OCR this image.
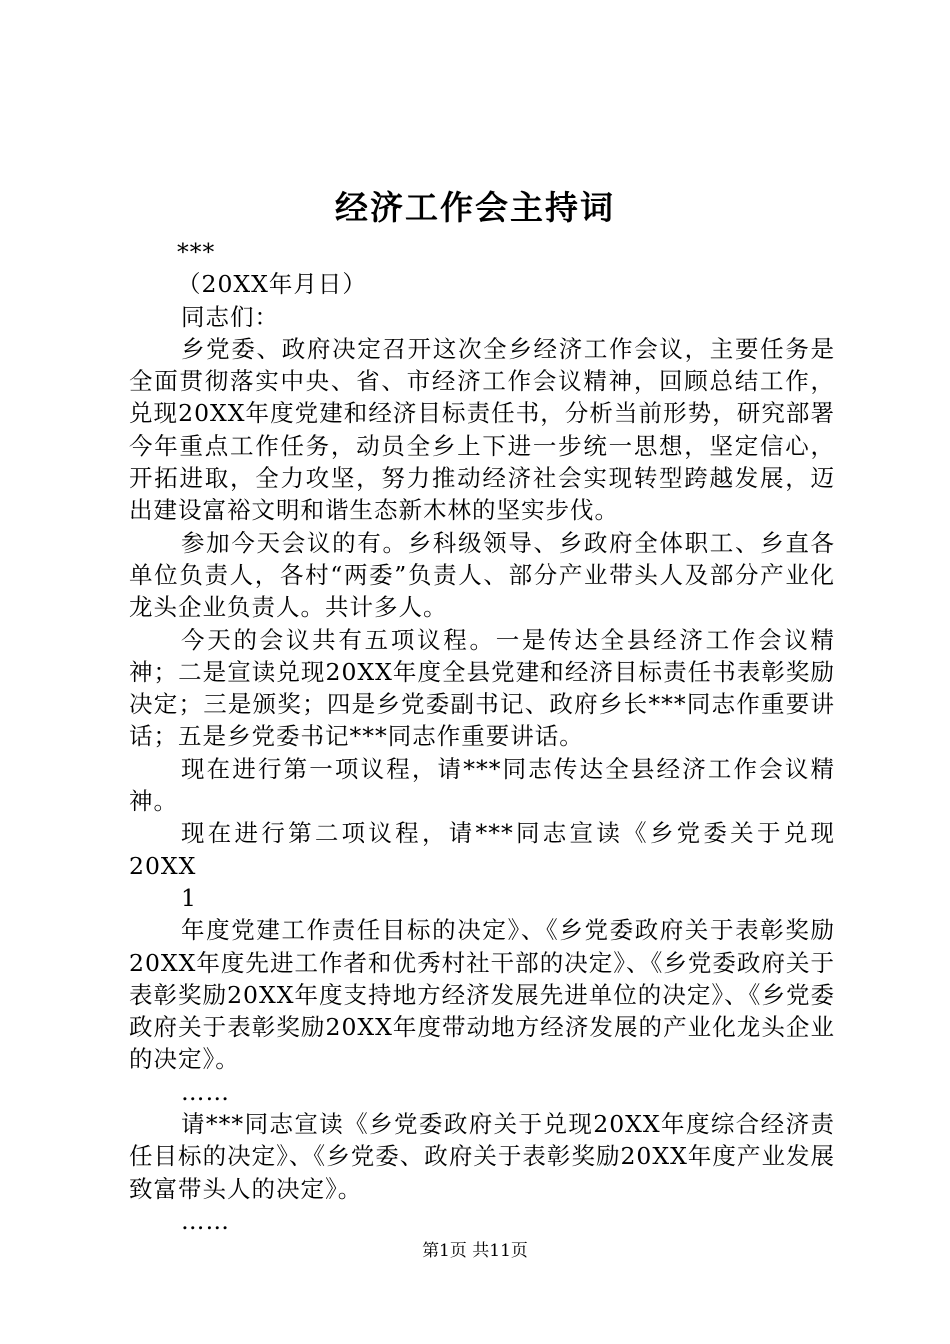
经济工作会主持词

***

（20XX年月日）

同志们：

乡党委、政府决定召开这次全乡经济工作会议，主要任务是全面贯彻落实中央、省、市经济工作会议精神，回顾总结工作，兑现20XX年度党建和经济目标责任书，分析当前形势，研究部署今年重点工作任务，动员全乡上下进一步统一思想，坚定信心，开拓进取，全力攻坚，努力推动经济社会实现转型跨越发展，迈出建设富裕文明和谐生态新木林的坚实步伐。

参加今天会议的有。乡科级领导、乡政府全体职工、乡直各单位负责人，各村“两委”负责人、部分产业带头人及部分产业化龙头企业负责人。共计多人。

今天的会议共有五项议程。一是传达全县经济工作会议精神；二是宣读兑现20XX年度全县党建和经济目标责任书表彰奖励决定；三是颁奖；四是乡党委副书记、政府乡长***同志作重要讲话；五是乡党委书记***同志作重要讲话。

现在进行第一项议程，请***同志传达全县经济工作会议精神。

现在进行第二项议程，请***同志宣读《乡党委关于兑现20XX

1

年度党建工作责任目标的决定》、《乡党委政府关于表彰奖励20XX年度先进工作者和优秀村社干部的决定》、《乡党委政府关于表彰奖励20XX年度支持地方经济发展先进单位的决定》、《乡党委政府关于表彰奖励20XX年度带动地方经济发展的产业化龙头企业的决定》。

……

请***同志宣读《乡党委政府关于兑现20XX年度综合经济责任目标的决定》、《乡党委、政府关于表彰奖励20XX年度产业发展致富带头人的决定》。

……

第1页 共11页
